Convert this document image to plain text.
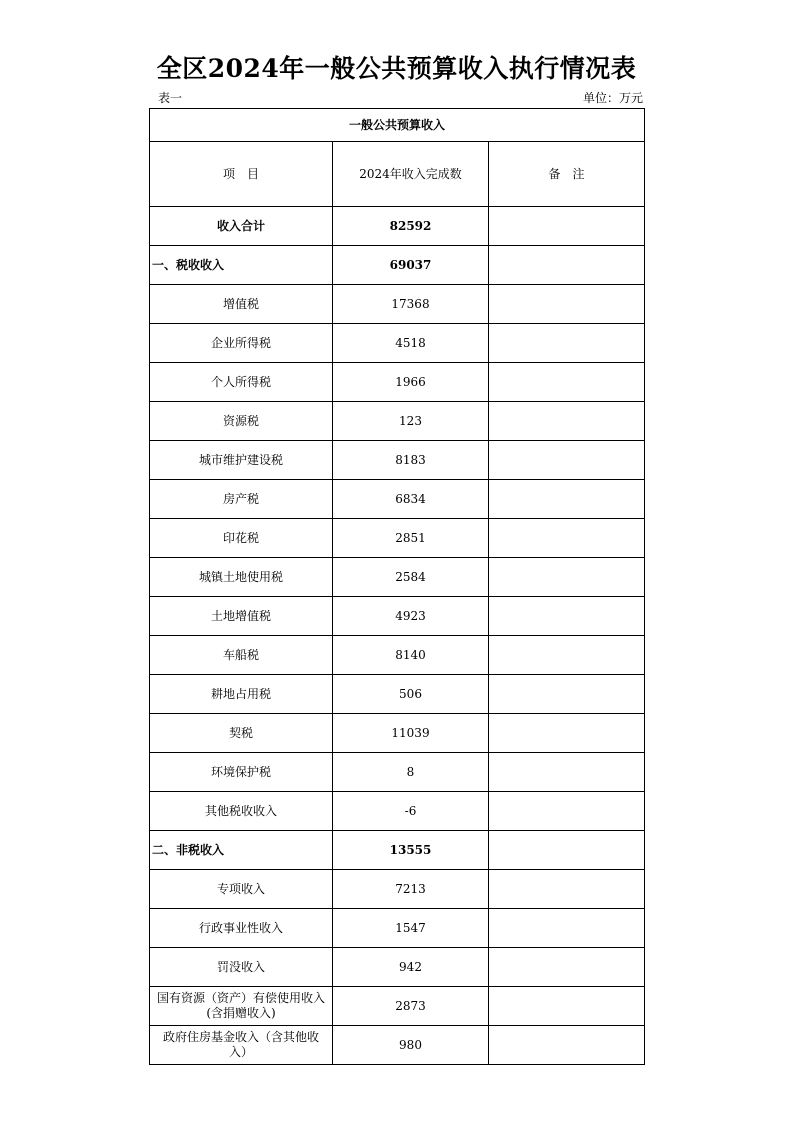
全区2024年一般公共预算收入执行情况表
表一	单位：万元
一般公共预算收入		
项　目	2024年收入完成数	备　注
收入合计	82592	
一、税收收入	69037	
增值税	17368	
企业所得税	4518	
个人所得税	1966	
资源税	123	
城市维护建设税	8183	
房产税	6834	
印花税	2851	
城镇土地使用税	2584	
土地增值税	4923	
车船税	8140	
耕地占用税	506	
契税	11039	
环境保护税	8	
其他税收收入	-6	
二、非税收入	13555	
专项收入	7213	
行政事业性收入	1547	
罚没收入	942	
国有资源（资产）有偿使用收入(含捐赠收入)	2873	
政府住房基金收入（含其他收入）	980	
